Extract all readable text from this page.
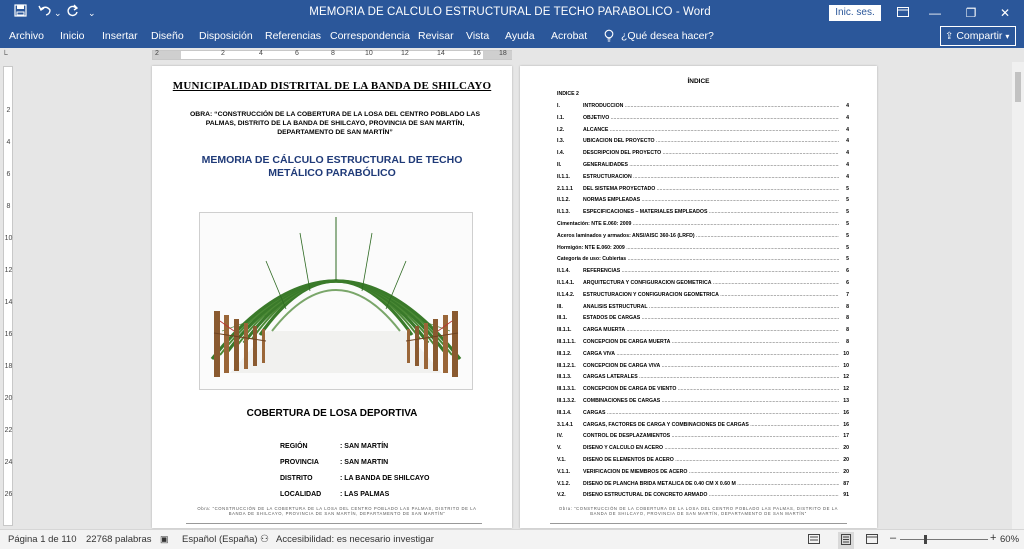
⌄	⌄	MEMORIA DE CALCULO ESTRUCTURAL DE TECHO PARABOLICO - Word	Inic. ses.	—	❐	✕
Archivo Inicio Insertar Diseño Disposición Referencias Correspondencia Revisar Vista Ayuda Acrobat	¿Qué desea hacer?	⇪ Compartir ▾
└	2	2	4	6	8	10	12	14	16	18
2
4
6
8
10
12
14
16
18
20
22
24
26
MUNICIPALIDAD DISTRITAL DE LA BANDA DE SHILCAYO
OBRA: “CONSTRUCCIÓN DE LA COBERTURA DE LA LOSA DEL CENTRO POBLADO LAS PALMAS, DISTRITO DE LA BANDA DE SHILCAYO, PROVINCIA DE SAN MARTÍN, DEPARTAMENTO DE SAN MARTÍN”
MEMORIA DE CÁLCULO ESTRUCTURAL DE TECHO METÁLICO PARABÓLICO
COBERTURA DE LOSA DEPORTIVA
REGIÓN	: SAN MARTÍN
PROVINCIA	: SAN MARTIN
DISTRITO	: LA BANDA DE SHILCAYO
LOCALIDAD	: LAS PALMAS
Obra: “CONSTRUCCIÓN DE LA COBERTURA DE LA LOSA DEL CENTRO POBLADO LAS PALMAS, DISTRITO DE LA BANDA DE SHILCAYO, PROVINCIA DE SAN MARTÍN, DEPARTAMENTO DE SAN MARTÍN”
ÍNDICE
ÍNDICE 2
Obra: “CONSTRUCCIÓN DE LA COBERTURA DE LA LOSA DEL CENTRO POBLADO LAS PALMAS, DISTRITO DE LA BANDA DE SHILCAYO, PROVINCIA DE SAN MARTÍN, DEPARTAMENTO DE SAN MARTÍN”
I.	INTRODUCCIÓN .....	4
I.1.	OBJETIVO .....	4
I.2.	ALCANCE .....	4
I.3.	UBICACIÓN DEL PROYECTO .....	4
I.4.	DESCRIPCIÓN DEL PROYECTO .....	4
II.	GENERALIDADES .....	4
II.1.1.	ESTRUCTURACIÓN .....	4
2.1.1.1 DEL SISTEMA PROYECTADO .....	5
II.1.2.	NORMAS EMPLEADAS .....	5
II.1.3.	ESPECIFICACIONES – MATERIALES EMPLEADOS .....	5
Cimentación: NTE E.060: 2009 .....	5
Aceros laminados y armados: ANSI/AISC 360-16 (LRFD) .....	5
Hormigón: NTE E.060: 2009 .....	5
Categoría de uso: Cubiertas .....	5
II.1.4.	REFERENCIAS .....	6
II.1.4.1. ARQUITECTURA Y CONFIGURACIÓN GEOMÉTRICA .....	6
II.1.4.2. ESTRUCTURACIÓN Y CONFIGURACIÓN GEOMÉTRICA .....	7
III.	ANÁLISIS ESTRUCTURAL .....	8
III.1.	ESTADOS DE CARGAS .....	8
III.1.1. CARGA MUERTA .....	8
III.1.1.1. CONCEPCIÓN DE CARGA MUERTA .....	8
III.1.2. CARGA VIVA .....	10
III.1.2.1. CONCEPCIÓN DE CARGA VIVA .....	10
III.1.3. CARGAS LATERALES .....	12
III.1.3.1. CONCEPCIÓN DE CARGA DE VIENTO .....	12
III.1.3.2. COMBINACIONES DE CARGAS .....	13
III.1.4. CARGAS .....	16
3.1.4.1 CARGAS, FACTORES DE CARGA Y COMBINACIONES DE CARGAS .....	16
IV.	CONTROL DE DESPLAZAMIENTOS .....	17
V.	DISEÑO Y CALCULO EN ACERO .....	20
V.1.	DISEÑO DE ELEMENTOS DE ACERO .....	20
V.1.1. VERIFICACIÓN DE MIEMBROS DE ACERO .....	20
V.1.2. DISEÑO DE PLANCHA BRIDA METÁLICA DE 0.40 CM X 0.60 M .....	87
V.2.	DISEÑO ESTRUCTURAL DE CONCRETO ARMADO .....	91
Página 1 de 110 22768 palabras ▣ Español (España) ⚇ Accesibilidad: es necesario investigar	–	+ 60%
